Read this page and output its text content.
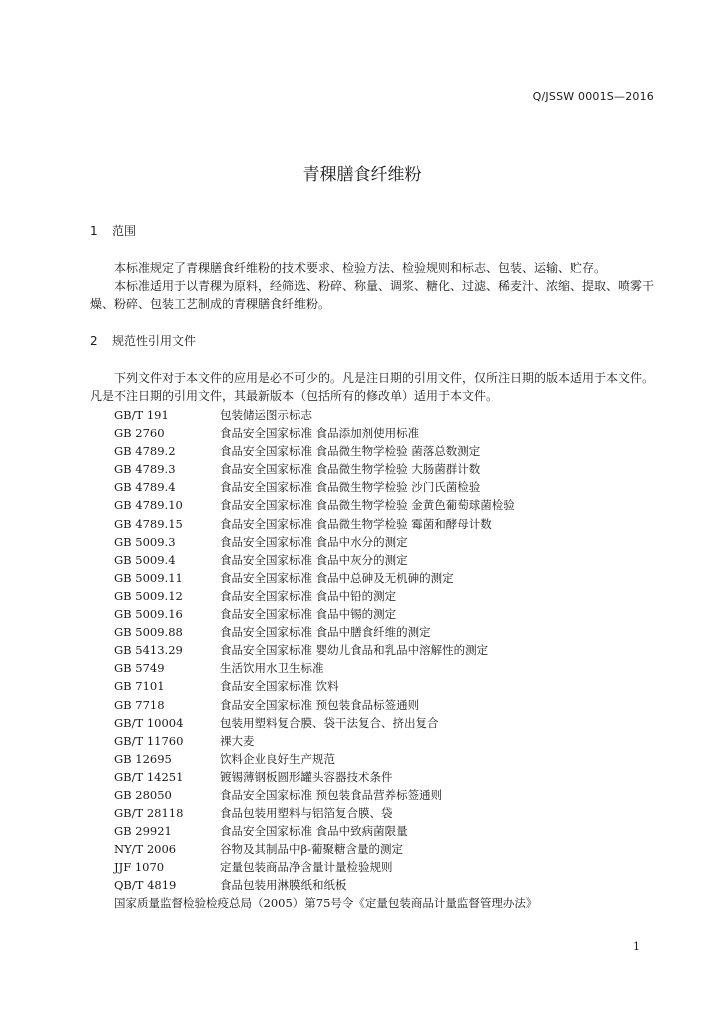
Q/JSSW 0001S—2016
青稞膳食纤维粉
1 范围

本标准规定了青稞膳食纤维粉的技术要求、检验方法、检验规则和标志、包装、运输、贮存。

本标准适用于以青稞为原料，经筛选、粉碎、称量、调浆、糖化、过滤、稀麦汁、浓缩、提取、喷雾干燥、粉碎、包装工艺制成的青稞膳食纤维粉。

2 规范性引用文件

下列文件对于本文件的应用是必不可少的。凡是注日期的引用文件，仅所注日期的版本适用于本文件。凡是不注日期的引用文件，其最新版本（包括所有的修改单）适用于本文件。

GB/T 191	包装储运图示标志
GB 2760	食品安全国家标准 食品添加剂使用标准
GB 4789.2	食品安全国家标准 食品微生物学检验 菌落总数测定
GB 4789.3	食品安全国家标准 食品微生物学检验 大肠菌群计数
GB 4789.4	食品安全国家标准 食品微生物学检验 沙门氏菌检验
GB 4789.10	食品安全国家标准 食品微生物学检验 金黄色葡萄球菌检验
GB 4789.15	食品安全国家标准 食品微生物学检验 霉菌和酵母计数
GB 5009.3	食品安全国家标准 食品中水分的测定
GB 5009.4	食品安全国家标准 食品中灰分的测定
GB 5009.11	食品安全国家标准 食品中总砷及无机砷的测定
GB 5009.12	食品安全国家标准 食品中铅的测定
GB 5009.16	食品安全国家标准 食品中锡的测定
GB 5009.88	食品安全国家标准 食品中膳食纤维的测定
GB 5413.29	食品安全国家标准 婴幼儿食品和乳品中溶解性的测定
GB 5749	生活饮用水卫生标准
GB 7101	食品安全国家标准 饮料
GB 7718	食品安全国家标准 预包装食品标签通则
GB/T 10004	包装用塑料复合膜、袋干法复合、挤出复合
GB/T 11760	裸大麦
GB 12695	饮料企业良好生产规范
GB/T 14251	镀锡薄钢板圆形罐头容器技术条件
GB 28050	食品安全国家标准 预包装食品营养标签通则
GB/T 28118	食品包装用塑料与铝箔复合膜、袋
GB 29921	食品安全国家标准 食品中致病菌限量
NY/T 2006	谷物及其制品中β-葡聚糖含量的测定
JJF 1070	定量包装商品净含量计量检验规则
QB/T 4819	食品包装用淋膜纸和纸板
国家质量监督检验检疫总局（2005）第75号令《定量包装商品计量监督管理办法》
1
